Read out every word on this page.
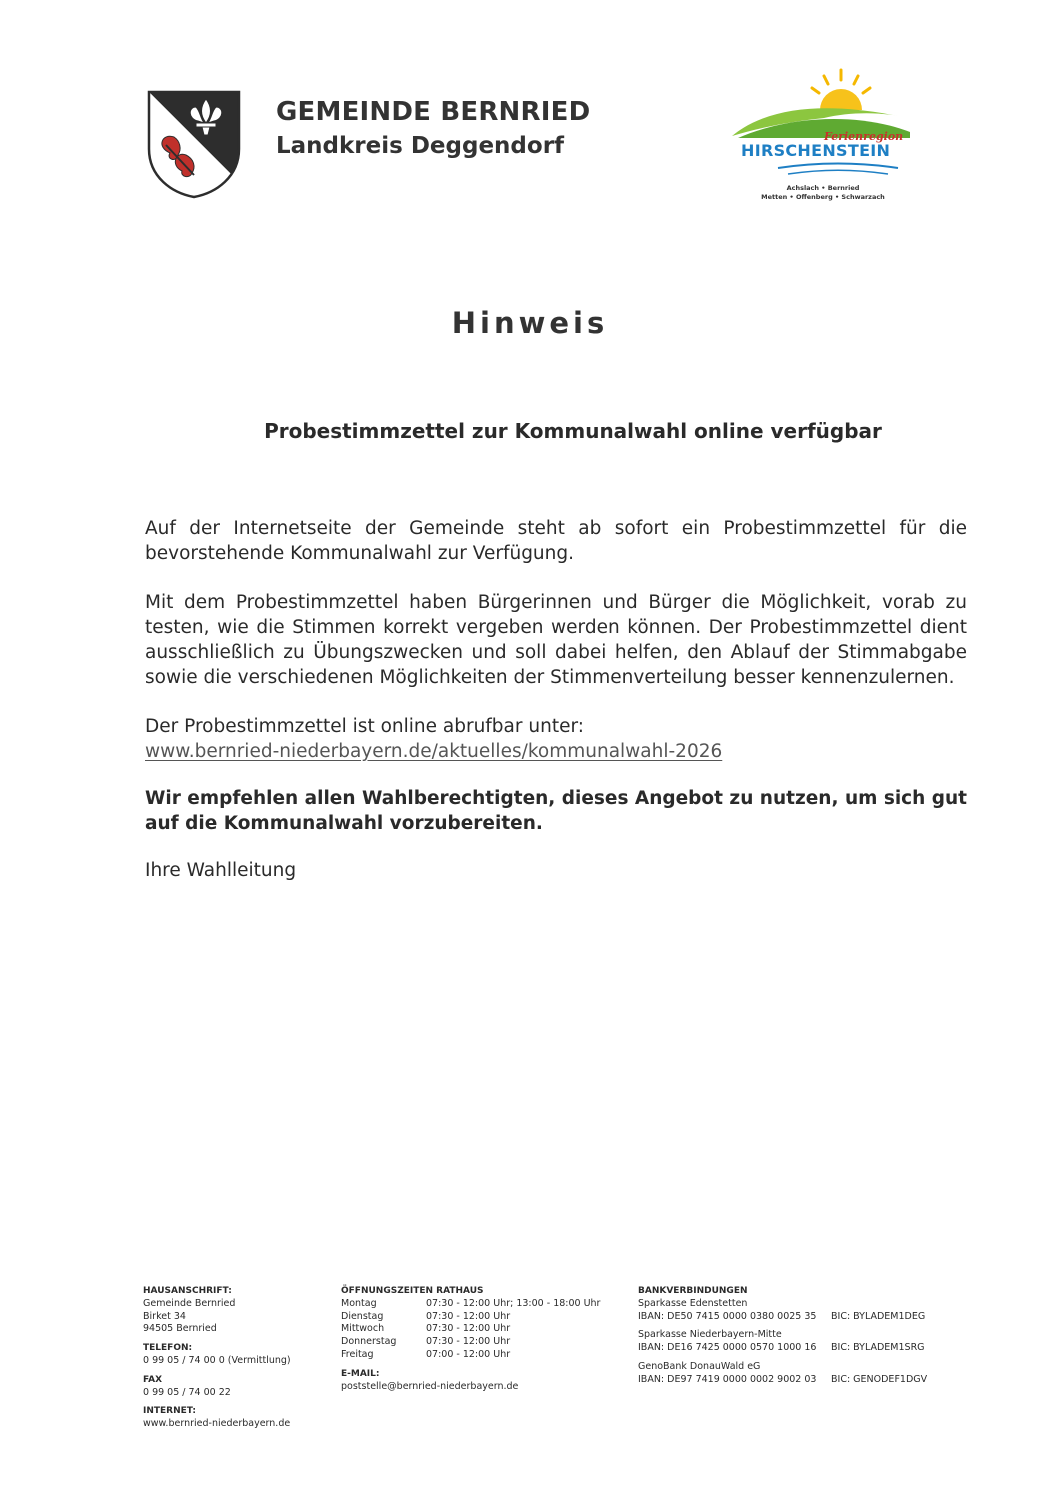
GEMEINDE BERNRIED
Landkreis Deggendorf	Ferienregion
HIRSCHENSTEIN
Achslach • Bernried
Metten • Offenberg • Schwarzach
Hinweis
Probestimmzettel zur Kommunalwahl online verfügbar

Auf der Internetseite der Gemeinde steht ab sofort ein Probestimmzettel für die bevorstehende Kommunalwahl zur Verfügung.

Mit dem Probestimmzettel haben Bürgerinnen und Bürger die Möglichkeit, vorab zu testen, wie die Stimmen korrekt vergeben werden können. Der Probestimmzettel dient ausschließlich zu Übungszwecken und soll dabei helfen, den Ablauf der Stimmabgabe sowie die verschiedenen Möglichkeiten der Stimmenverteilung besser kennenzulernen.

Der Probestimmzettel ist online abrufbar unter:

www.bernried-niederbayern.de/aktuelles/kommunalwahl-2026

Wir empfehlen allen Wahlberechtigten, dieses Angebot zu nutzen, um sich gut auf die Kommunalwahl vorzubereiten.

Ihre Wahlleitung

HAUSANSCHRIFT:
Gemeinde Bernried
Birket 34
94505 Bernried
TELEFON:
0 99 05 / 74 00 0 (Vermittlung)
FAX
0 99 05 / 74 00 22
INTERNET:
www.bernried-niederbayern.de
ÖFFNUNGSZEITEN RATHAUS
Montag	07:30 - 12:00 Uhr; 13:00 - 18:00 Uhr
Dienstag	07:30 - 12:00 Uhr
Mittwoch	07:30 - 12:00 Uhr
Donnerstag	07:30 - 12:00 Uhr
Freitag	07:00 - 12:00 Uhr
E-MAIL:
poststelle@bernried-niederbayern.de
BANKVERBINDUNGEN
Sparkasse Edenstetten
IBAN: DE50 7415 0000 0380 0025 35	BIC: BYLADEM1DEG
Sparkasse Niederbayern-Mitte
IBAN: DE16 7425 0000 0570 1000 16	BIC: BYLADEM1SRG
GenoBank DonauWald eG
IBAN: DE97 7419 0000 0002 9002 03	BIC: GENODEF1DGV
